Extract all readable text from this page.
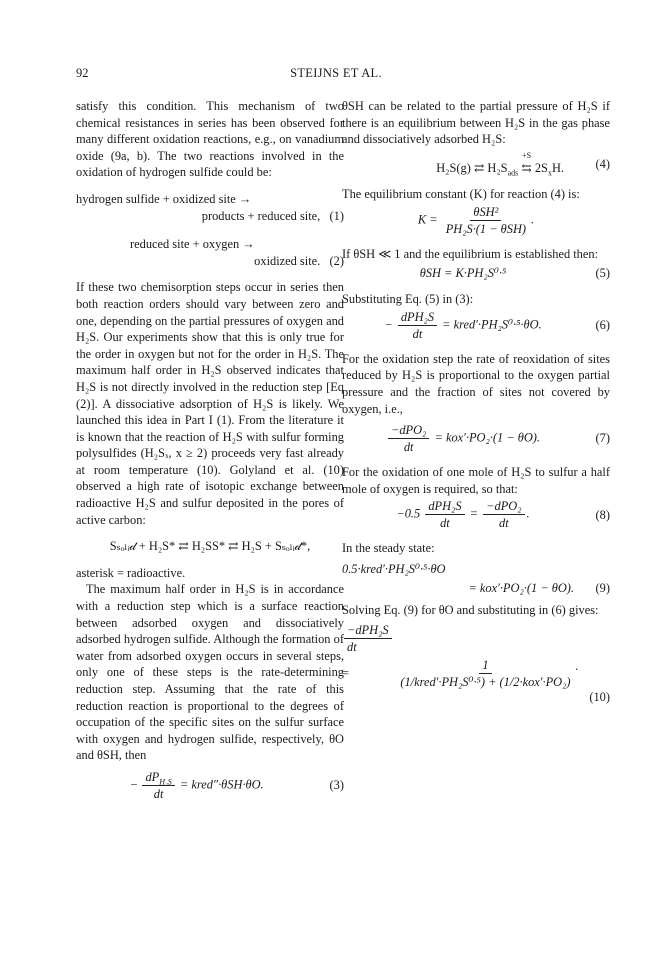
92	STEIJNS ET AL.

satisfy this condition. This mechanism of two chemical resistances in series has been observed for many different oxidation reactions, e.g., on vanadium oxide (9a, b). The two reactions involved in the oxidation of hydrogen sulfide could be:

hydrogen sulfide + oxidized site →
products + reduced site, (1)
reduced site + oxygen →
oxidized site. (2)

If these two chemisorption steps occur in series then both reaction orders should vary between zero and one, depending on the partial pressures of oxygen and H₂S. Our experiments show that this is only true for the order in oxygen but not for the order in H₂S. The maximum half order in H₂S observed indicates that H₂S is not directly involved in the reduction step [Eq (2)]. A dissociative adsorption of H₂S is likely. We launched this idea in Part I (1). From the literature it is known that the reaction of H₂S with sulfur forming polysulfides (H₂Sₓ, x ≥ 2) proceeds very fast already at room temperature (10). Golyland et al. (10) observed a high rate of isotopic exchange between radioactive H₂S and sulfur deposited in the pores of active carbon:

Sₛₒₗᵢ𝒹 + H₂S* ⇄ H₂SS* ⇄ H₂S + Sₛₒₗᵢ𝒹*,

asterisk = radioactive.

The maximum half order in H₂S is in accordance with a reduction step which is a surface reaction between adsorbed oxygen and dissociatively adsorbed hydrogen sulfide. Although the formation of water from adsorbed oxygen occurs in several steps, only one of these steps is the rate-determining reduction step. Assuming that the rate of this reduction reaction is proportional to the degrees of occupation of the specific sites on the sulfur surface with oxygen and hydrogen sulfide, respectively, θO and θSH, then

− $\frac{dP_{H_2S}}{dt}$ = kred″·θSH·θO.	(3)

θSH can be related to the partial pressure of H₂S if there is an equilibrium between H₂S in the gas phase and dissociatively adsorbed H₂S:

H₂S(g) ⇄ $H_2S_{ads}$
+S
⇆ $2S_xH$.	(4)

The equilibrium constant (K) for reaction (4) is:

$K = \frac{\text{θSH²}}{\text{PH₂S·(1 − θSH)}}$ .

If θSH ≪ 1 and the equilibrium is established then:

θSH = K·PH₂S⁰·⁵	(5)

Substituting Eq. (5) in (3):

− $\frac{\text{dPH₂S}}{dt}$ = kred′·PH₂S⁰·⁵·θO.	(6)

For the oxidation step the rate of reoxidation of sites reduced by H₂S is proportional to the oxygen partial pressure and the fraction of sites not covered by oxygen, i.e.,

$\frac{\text{−dPO₂}}{dt} = kox'\cdot PO_2\cdot(1 - \theta O)$.	(7)

For the oxidation of one mole of H₂S to sulfur a half mole of oxygen is required, so that:

$-0.5 \frac{\text{dPH₂S}}{dt} = \frac{\text{−dPO₂}}{dt}$ .	(8)

In the steady state:

0.5·kred′·PH₂S⁰·⁵·θO
= kox′·PO₂·(1 − θO).	(9)

Solving Eq. (9) for θO and substituting in (6) gives:

$\frac{\text{−dPH₂S}}{dt}$
=	$\frac{1}{\text{(1/kred′·PH₂S⁰·⁵) + (1/2·kox′·PO₂)}}$ .
(10)
